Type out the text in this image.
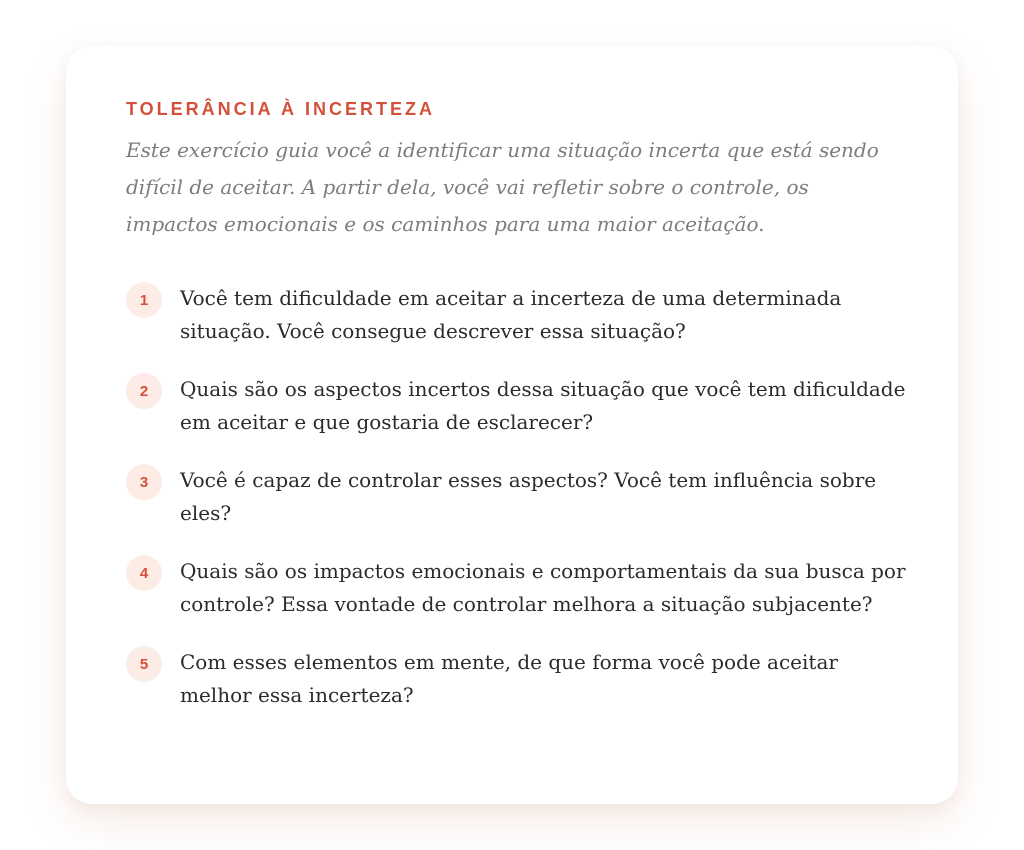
TOLERÂNCIA À INCERTEZA

Este exercício guia você a identificar uma situação incerta que está sendo difícil de aceitar. A partir dela, você vai refletir sobre o controle, os impactos emocionais e os caminhos para uma maior aceitação.

1	Você tem dificuldade em aceitar a incerteza de uma determinada situação. Você consegue descrever essa situação?
2	Quais são os aspectos incertos dessa situação que você tem dificuldade em aceitar e que gostaria de esclarecer?
3	Você é capaz de controlar esses aspectos? Você tem influência sobre eles?
4	Quais são os impactos emocionais e comportamentais da sua busca por controle? Essa vontade de controlar melhora a situação subjacente?
5	Com esses elementos em mente, de que forma você pode aceitar melhor essa incerteza?
